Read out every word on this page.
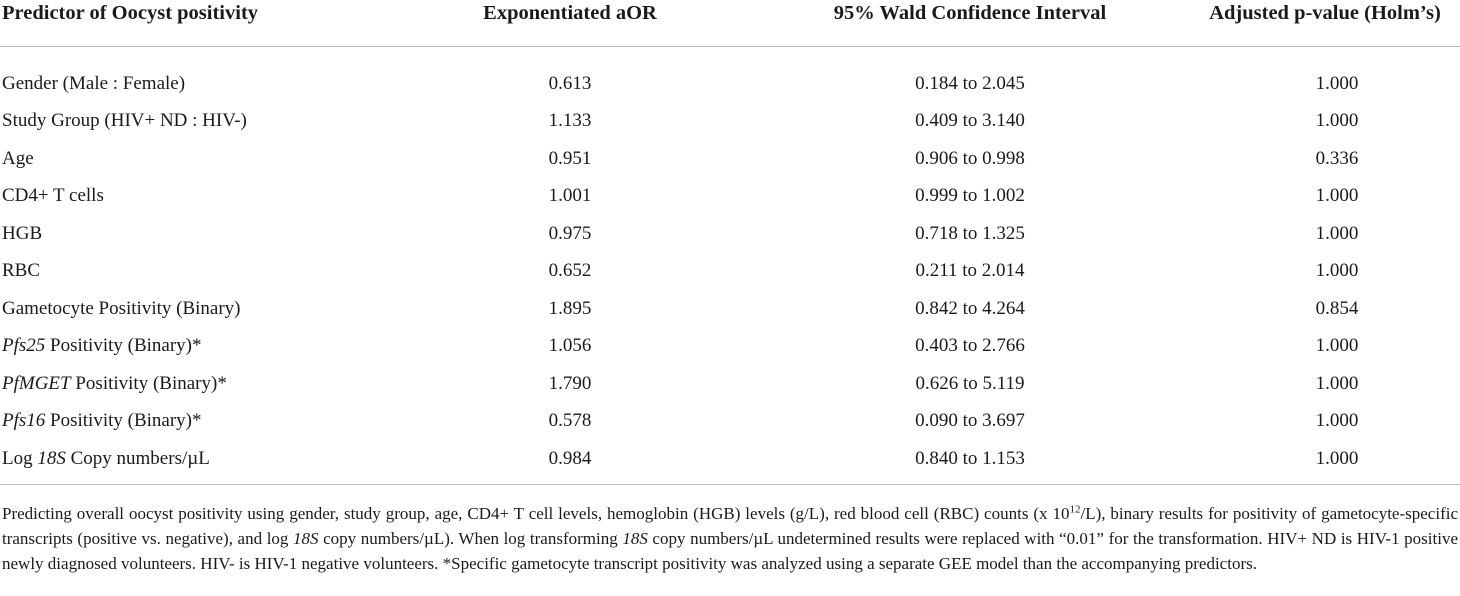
Predictor of Oocyst positivity	Exponentiated aOR	95% Wald Confidence Interval	Adjusted p-value (Holm’s)
Gender (Male : Female)	0.613	0.184 to 2.045	1.000
Study Group (HIV+ ND : HIV-)	1.133	0.409 to 3.140	1.000
Age	0.951	0.906 to 0.998	0.336
CD4+ T cells	1.001	0.999 to 1.002	1.000
HGB	0.975	0.718 to 1.325	1.000
RBC	0.652	0.211 to 2.014	1.000
Gametocyte Positivity (Binary)	1.895	0.842 to 4.264	0.854
Pfs25 Positivity (Binary)*	1.056	0.403 to 2.766	1.000
PfMGET Positivity (Binary)*	1.790	0.626 to 5.119	1.000
Pfs16 Positivity (Binary)*	0.578	0.090 to 3.697	1.000
Log 18S Copy numbers/µL	0.984	0.840 to 1.153	1.000

Predicting overall oocyst positivity using gender, study group, age, CD4+ T cell levels, hemoglobin (HGB) levels (g/L), red blood cell (RBC) counts (x $10^{12}/L$), binary results for positivity of gametocyte-specific transcripts (positive vs. negative), and log 18S copy numbers/µL). When log transforming 18S copy numbers/µL undetermined results were replaced with “0.01” for the transformation. HIV+ ND is HIV-1 positive newly diagnosed volunteers. HIV- is HIV-1 negative volunteers. *Specific gametocyte transcript positivity was analyzed using a separate GEE model than the accompanying predictors.
